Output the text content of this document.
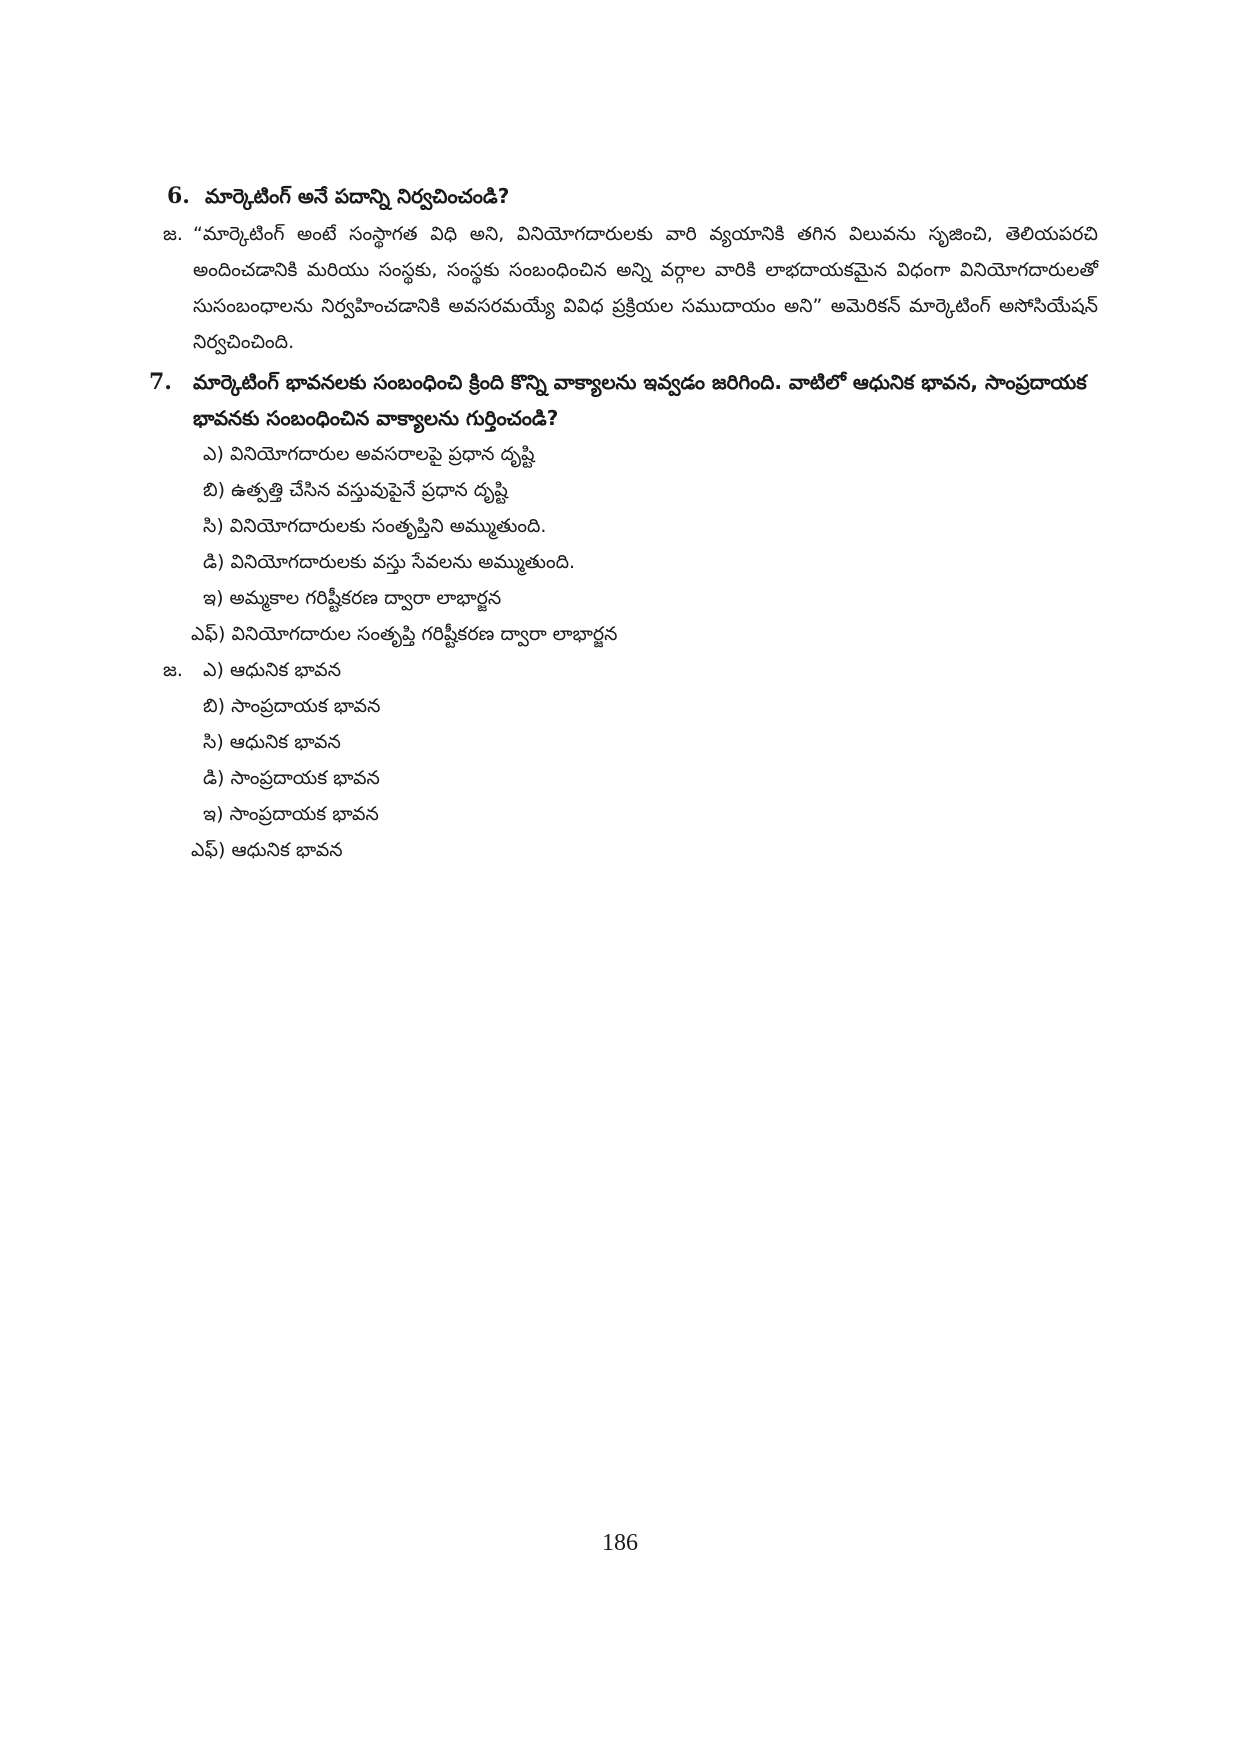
6. మార్కెటింగ్ అనే పదాన్ని నిర్వచించండి?
జ. “మార్కెటింగ్ అంటే సంస్థాగత విధి అని, వినియోగదారులకు వారి వ్యయానికి తగిన విలువను సృజించి, తెలియపరచి అందించడానికి మరియు సంస్థకు, సంస్థకు సంబంధించిన అన్ని వర్గాల వారికి లాభదాయకమైన విధంగా వినియోగదారులతో సుసంబంధాలను నిర్వహించడానికి అవసరమయ్యే వివిధ ప్రక్రియల సముదాయం అని” అమెరికన్ మార్కెటింగ్ అసోసియేషన్ నిర్వచించింది.
7.	మార్కెటింగ్ భావనలకు సంబంధించి క్రింది కొన్ని వాక్యాలను ఇవ్వడం జరిగింది. వాటిలో ఆధునిక భావన, సాంప్రదాయక భావనకు సంబంధించిన వాక్యాలను గుర్తించండి?
ఎ) వినియోగదారుల అవసరాలపై ప్రధాన దృష్టి
బి) ఉత్పత్తి చేసిన వస్తువుపైనే ప్రధాన దృష్టి
సి) వినియోగదారులకు సంతృప్తిని అమ్ముతుంది.
డి) వినియోగదారులకు వస్తు సేవలను అమ్ముతుంది.
ఇ) అమ్మకాల గరిష్టీకరణ ద్వారా లాభార్జన
ఎఫ్) వినియోగదారుల సంతృప్తి గరిష్టీకరణ ద్వారా లాభార్జన
జ.	ఎ) ఆధునిక భావన
బి) సాంప్రదాయక భావన
సి) ఆధునిక భావన
డి) సాంప్రదాయక భావన
ఇ) సాంప్రదాయక భావన
ఎఫ్) ఆధునిక భావన
186
